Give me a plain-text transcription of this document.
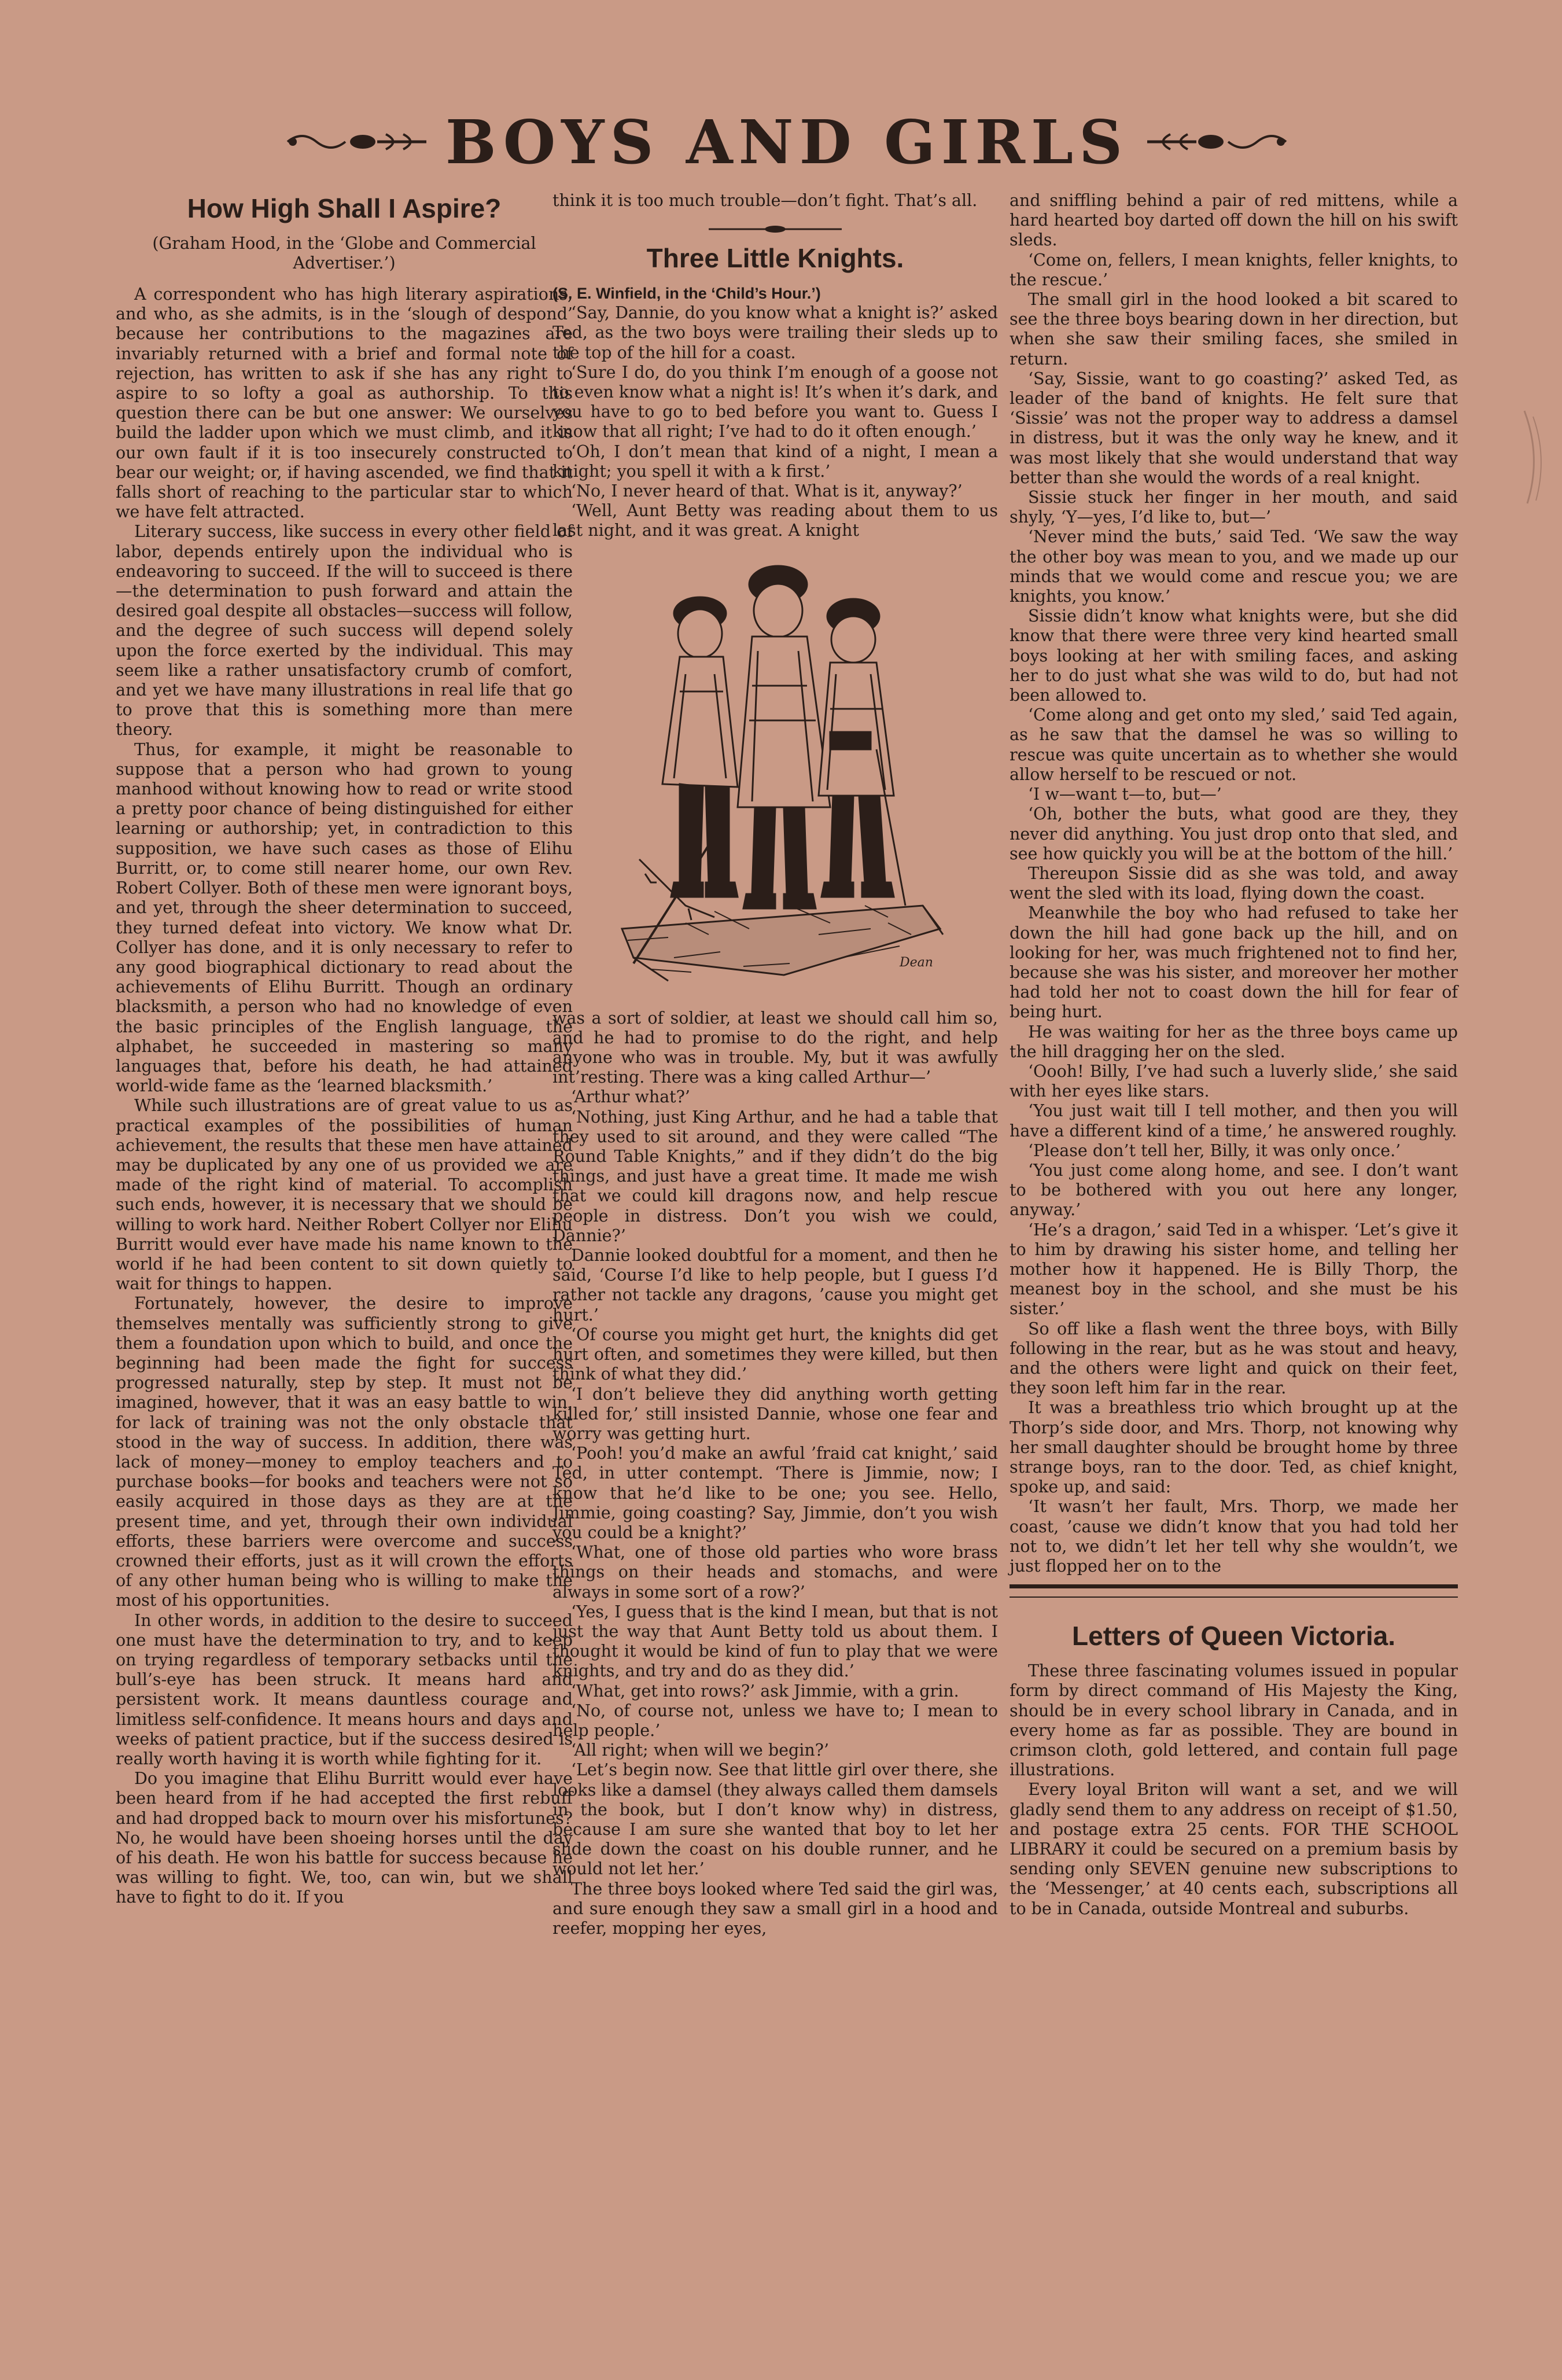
BOYS AND GIRLS
How High Shall I Aspire?

(Graham Hood, in the ‘Globe and Commercial Advertiser.’)

A correspondent who has high literary aspirations, and who, as she admits, is in the ‘slough of despond’ because her contributions to the magazines are invariably returned with a brief and formal note of rejection, has written to ask if she has any right to aspire to so lofty a goal as authorship. To this question there can be but one answer: We ourselves build the ladder upon which we must climb, and it is our own fault if it is too insecurely constructed to bear our weight; or, if having ascended, we find that it falls short of reaching to the particular star to which we have felt attracted.

Literary success, like success in every other field of labor, depends entirely upon the individual who is endeavoring to succeed. If the will to succeed is there—the determination to push forward and attain the desired goal despite all obstacles—success will follow, and the degree of such success will depend solely upon the force exerted by the individual. This may seem like a rather unsatisfactory crumb of comfort, and yet we have many illustrations in real life that go to prove that this is something more than mere theory.

Thus, for example, it might be reasonable to suppose that a person who had grown to young manhood without knowing how to read or write stood a pretty poor chance of being distinguished for either learning or authorship; yet, in contradiction to this supposition, we have such cases as those of Elihu Burritt, or, to come still nearer home, our own Rev. Robert Collyer. Both of these men were ignorant boys, and yet, through the sheer determination to succeed, they turned defeat into victory. We know what Dr. Collyer has done, and it is only necessary to refer to any good biographical dictionary to read about the achievements of Elihu Burritt. Though an ordinary blacksmith, a person who had no knowledge of even the basic principles of the English language, the alphabet, he succeeded in mastering so many languages that, before his death, he had attained world-wide fame as the ‘learned blacksmith.’

While such illustrations are of great value to us as practical examples of the possibilities of human achievement, the results that these men have attained may be duplicated by any one of us provided we are made of the right kind of material. To accomplish such ends, however, it is necessary that we should be willing to work hard. Neither Robert Collyer nor Elihu Burritt would ever have made his name known to the world if he had been content to sit down quietly to wait for things to happen.

Fortunately, however, the desire to improve themselves mentally was sufficiently strong to give them a foundation upon which to build, and once the beginning had been made the fight for success progressed naturally, step by step. It must not be imagined, however, that it was an easy battle to win, for lack of training was not the only obstacle that stood in the way of success. In addition, there was lack of money—money to employ teachers and to purchase books—for books and teachers were not so easily acquired in those days as they are at the present time, and yet, through their own individual efforts, these barriers were overcome and success crowned their efforts, just as it will crown the efforts of any other human being who is willing to make the most of his opportunities.

In other words, in addition to the desire to succeed one must have the determination to try, and to keep on trying regardless of temporary setbacks until the bull’s-eye has been struck. It means hard and persistent work. It means dauntless courage and limitless self-confidence. It means hours and days and weeks of patient practice, but if the success desired is really worth having it is worth while fighting for it.

Do you imagine that Elihu Burritt would ever have been heard from if he had accepted the first rebuff and had dropped back to mourn over his misfortunes? No, he would have been shoeing horses until the day of his death. He won his battle for success because he was willing to fight. We, too, can win, but we shall have to fight to do it. If you

think it is too much trouble—don’t fight. That’s all.

Three Little Knights.

(S. E. Winfield, in the ‘Child’s Hour.’)

‘Say, Dannie, do you know what a knight is?’ asked Ted, as the two boys were trailing their sleds up to the top of the hill for a coast.

‘Sure I do, do you think I’m enough of a goose not to even know what a night is! It’s when it’s dark, and you have to go to bed before you want to. Guess I know that all right; I’ve had to do it often enough.’

‘Oh, I don’t mean that kind of a night, I mean a knight; you spell it with a k first.’

‘No, I never heard of that. What is it, anyway?’

‘Well, Aunt Betty was reading about them to us last night, and it was great. A knight

Dean

was a sort of soldier, at least we should call him so, and he had to promise to do the right, and help anyone who was in trouble. My, but it was awfully int’resting. There was a king called Arthur—’

‘Arthur what?’

‘Nothing, just King Arthur, and he had a table that they used to sit around, and they were called “The Round Table Knights,” and if they didn’t do the big things, and just have a great time. It made me wish that we could kill dragons now, and help rescue people in distress. Don’t you wish we could, Dannie?’

Dannie looked doubtful for a moment, and then he said, ‘Course I’d like to help people, but I guess I’d rather not tackle any dragons, ’cause you might get hurt.’

‘Of course you might get hurt, the knights did get hurt often, and sometimes they were killed, but then think of what they did.’

‘I don’t believe they did anything worth getting killed for,’ still insisted Dannie, whose one fear and worry was getting hurt.

‘Pooh! you’d make an awful ’fraid cat knight,’ said Ted, in utter contempt. ‘There is Jimmie, now; I know that he’d like to be one; you see. Hello, Jimmie, going coasting? Say, Jimmie, don’t you wish you could be a knight?’

‘What, one of those old parties who wore brass things on their heads and stomachs, and were always in some sort of a row?’

‘Yes, I guess that is the kind I mean, but that is not just the way that Aunt Betty told us about them. I thought it would be kind of fun to play that we were knights, and try and do as they did.’

‘What, get into rows?’ ask Jimmie, with a grin.

‘No, of course not, unless we have to; I mean to help people.’

‘All right; when will we begin?’

‘Let’s begin now. See that little girl over there, she looks like a damsel (they always called them damsels in the book, but I don’t know why) in distress, because I am sure she wanted that boy to let her slide down the coast on his double runner, and he would not let her.’

The three boys looked where Ted said the girl was, and sure enough they saw a small girl in a hood and reefer, mopping her eyes,

and sniffling behind a pair of red mittens, while a hard hearted boy darted off down the hill on his swift sleds.

‘Come on, fellers, I mean knights, feller knights, to the rescue.’

The small girl in the hood looked a bit scared to see the three boys bearing down in her direction, but when she saw their smiling faces, she smiled in return.

‘Say, Sissie, want to go coasting?’ asked Ted, as leader of the band of knights. He felt sure that ‘Sissie’ was not the proper way to address a damsel in distress, but it was the only way he knew, and it was most likely that she would understand that way better than she would the words of a real knight.

Sissie stuck her finger in her mouth, and said shyly, ‘Y—yes, I’d like to, but—’

‘Never mind the buts,’ said Ted. ‘We saw the way the other boy was mean to you, and we made up our minds that we would come and rescue you; we are knights, you know.’

Sissie didn’t know what knights were, but she did know that there were three very kind hearted small boys looking at her with smiling faces, and asking her to do just what she was wild to do, but had not been allowed to.

‘Come along and get onto my sled,’ said Ted again, as he saw that the damsel he was so willing to rescue was quite uncertain as to whether she would allow herself to be rescued or not.

‘I w—want t—to, but—’

‘Oh, bother the buts, what good are they, they never did anything. You just drop onto that sled, and see how quickly you will be at the bottom of the hill.’

Thereupon Sissie did as she was told, and away went the sled with its load, flying down the coast.

Meanwhile the boy who had refused to take her down the hill had gone back up the hill, and on looking for her, was much frightened not to find her, because she was his sister, and moreover her mother had told her not to coast down the hill for fear of being hurt.

He was waiting for her as the three boys came up the hill dragging her on the sled.

‘Oooh! Billy, I’ve had such a luverly slide,’ she said with her eyes like stars.

‘You just wait till I tell mother, and then you will have a different kind of a time,’ he answered roughly.

‘Please don’t tell her, Billy, it was only once.’

‘You just come along home, and see. I don’t want to be bothered with you out here any longer, anyway.’

‘He’s a dragon,’ said Ted in a whisper. ‘Let’s give it to him by drawing his sister home, and telling her mother how it happened. He is Billy Thorp, the meanest boy in the school, and she must be his sister.’

So off like a flash went the three boys, with Billy following in the rear, but as he was stout and heavy, and the others were light and quick on their feet, they soon left him far in the rear.

It was a breathless trio which brought up at the Thorp’s side door, and Mrs. Thorp, not knowing why her small daughter should be brought home by three strange boys, ran to the door. Ted, as chief knight, spoke up, and said:

‘It wasn’t her fault, Mrs. Thorp, we made her coast, ’cause we didn’t know that you had told her not to, we didn’t let her tell why she wouldn’t, we just flopped her on to the

Letters of Queen Victoria.

These three fascinating volumes issued in popular form by direct command of His Majesty the King, should be in every school library in Canada, and in every home as far as possible. They are bound in crimson cloth, gold lettered, and contain full page illustrations.

Every loyal Briton will want a set, and we will gladly send them to any address on receipt of $1.50, and postage extra 25 cents. FOR THE SCHOOL LIBRARY it could be secured on a premium basis by sending only SEVEN genuine new subscriptions to the ‘Messenger,’ at 40 cents each, subscriptions all to be in Canada, outside Montreal and suburbs.
